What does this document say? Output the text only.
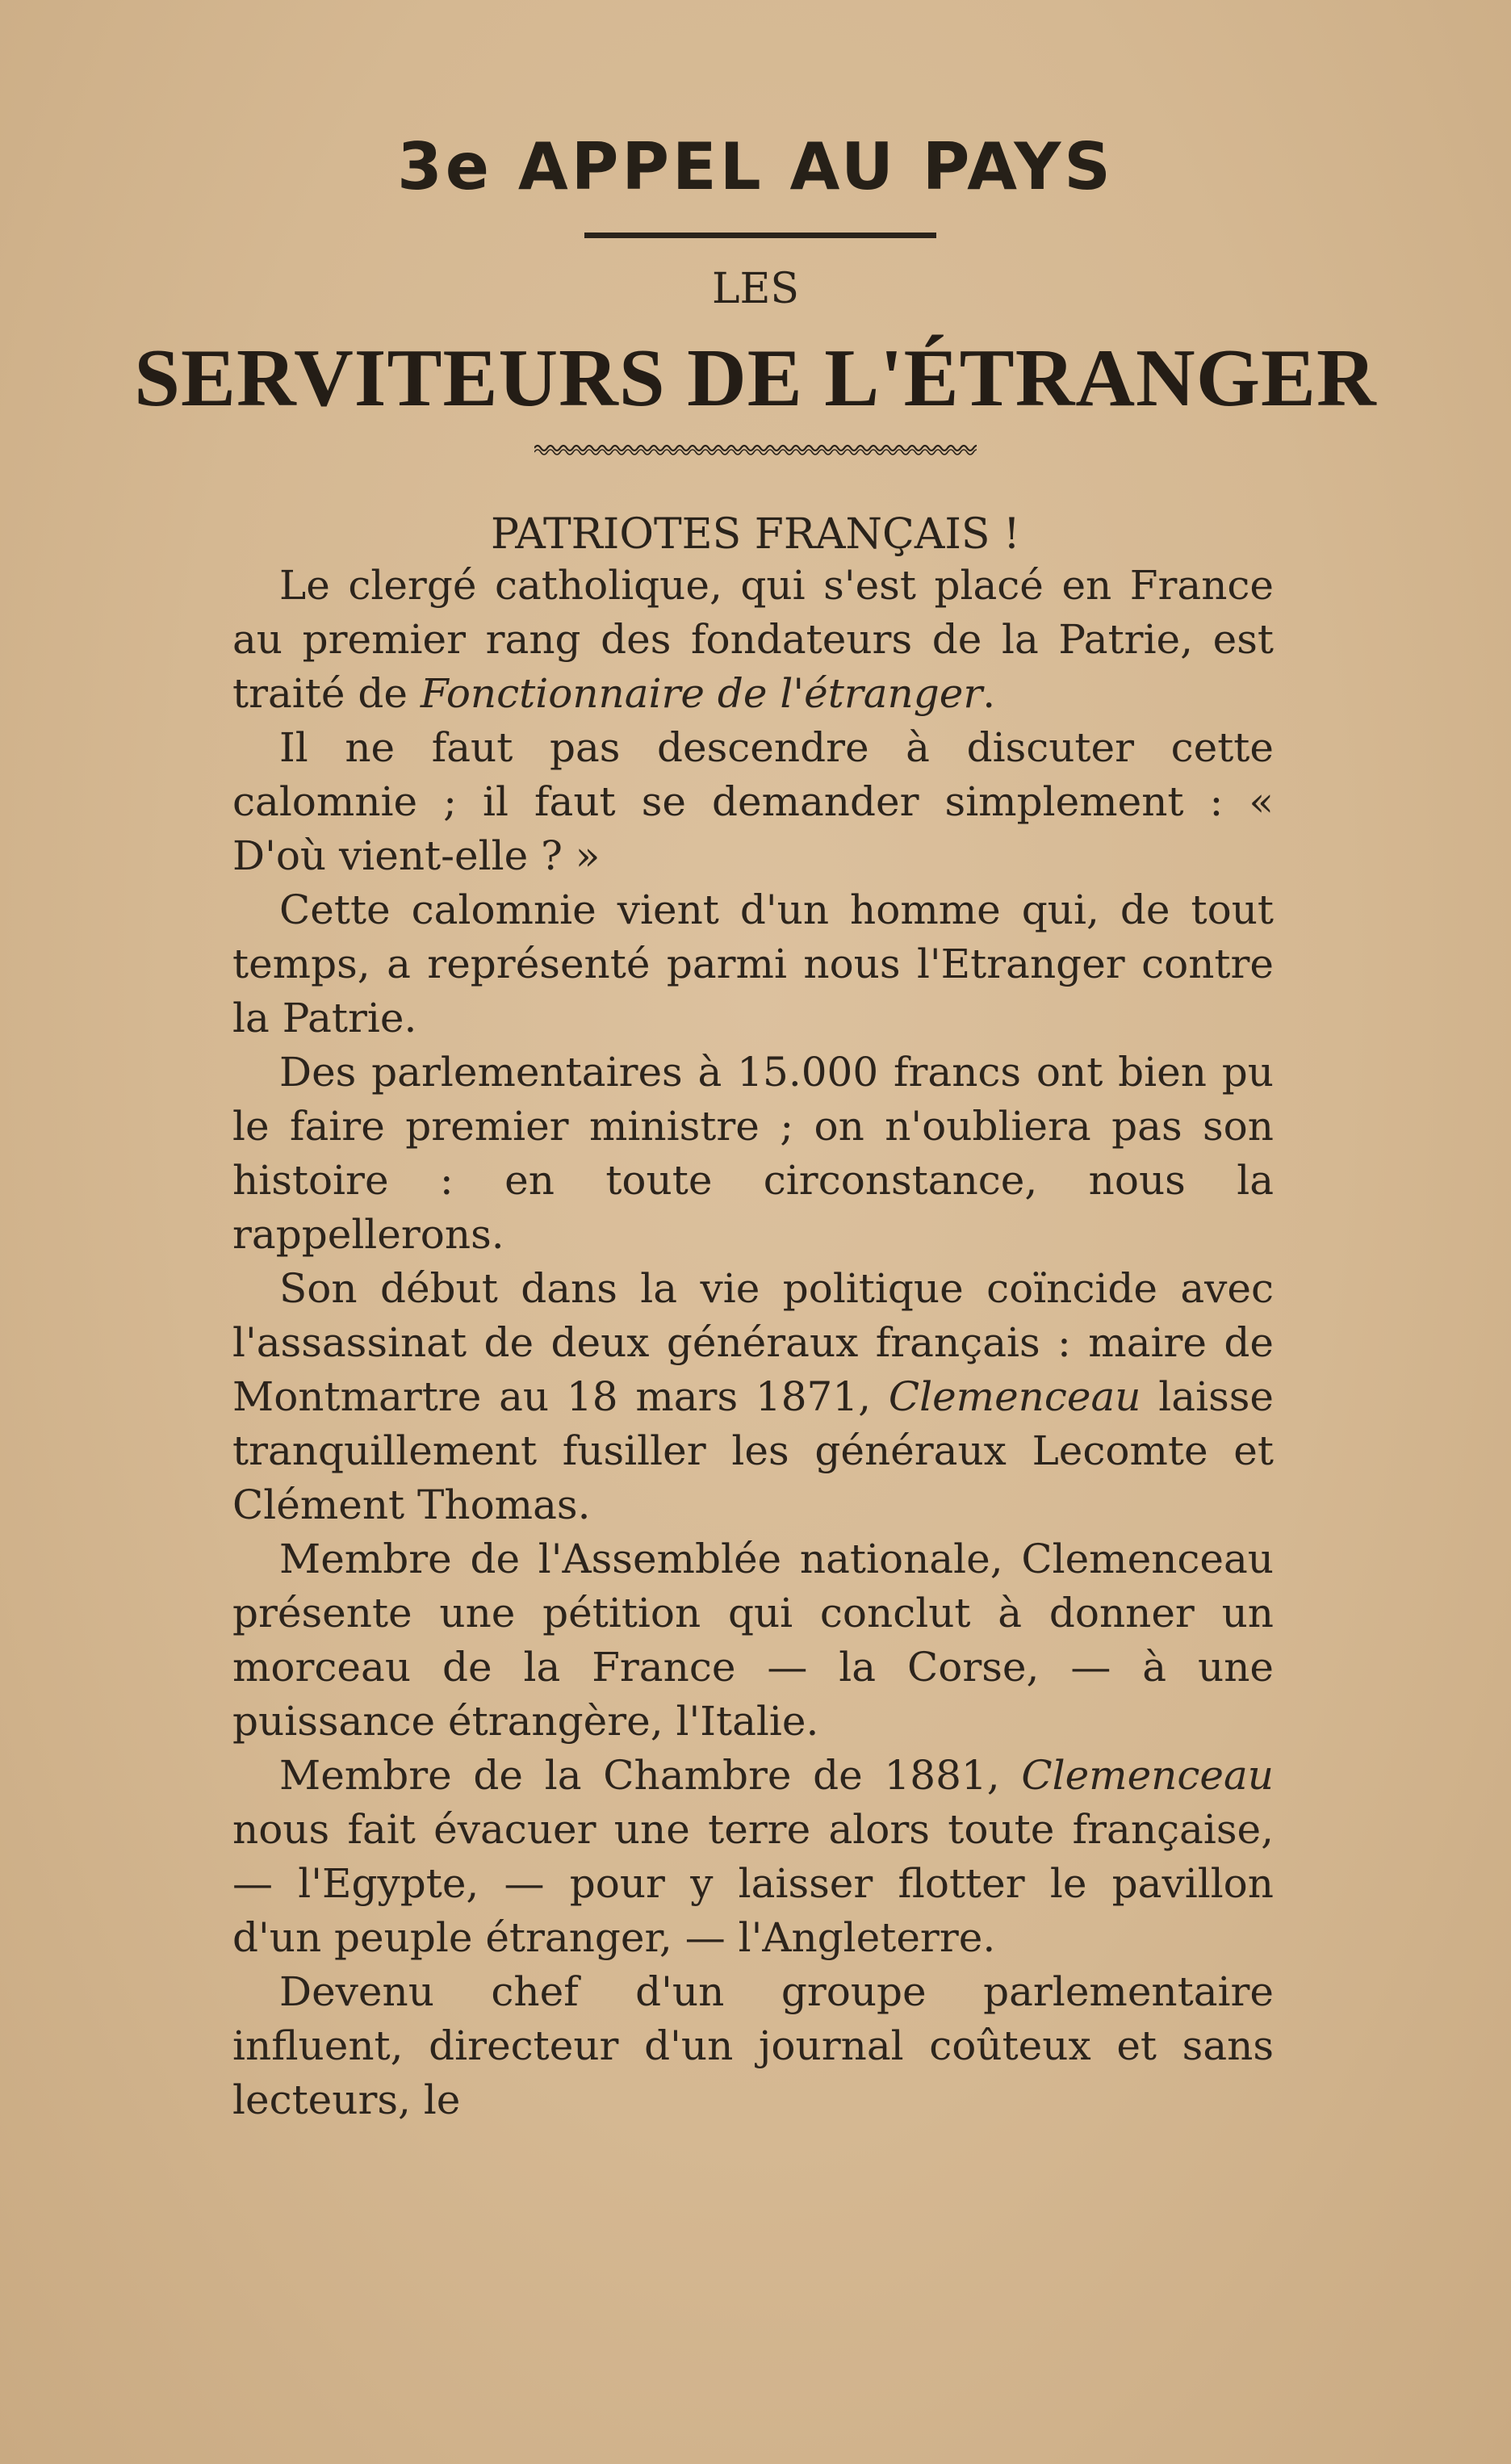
3e APPEL AU PAYS
LES
SERVITEURS DE L'ÉTRANGER
PATRIOTES FRANÇAIS !

Le clergé catholique, qui s'est placé en France au premier rang des fondateurs de la Patrie, est traité de Fonctionnaire de l'étranger.

Il ne faut pas descendre à discuter cette calomnie ; il faut se demander simplement : « D'où vient-elle ? »

Cette calomnie vient d'un homme qui, de tout temps, a représenté parmi nous l'Etranger contre la Patrie.

Des parlementaires à 15.000 francs ont bien pu le faire premier ministre ; on n'oubliera pas son histoire : en toute circonstance, nous la rappellerons.

Son début dans la vie politique coïncide avec l'assassinat de deux généraux français : maire de Montmartre au 18 mars 1871, Clemenceau laisse tranquillement fusiller les généraux Lecomte et Clément Thomas.

Membre de l'Assemblée nationale, Clemenceau présente une pétition qui conclut à donner un morceau de la France — la Corse, — à une puissance étrangère, l'Italie.

Membre de la Chambre de 1881, Clemenceau nous fait évacuer une terre alors toute française, — l'Egypte, — pour y laisser flotter le pavillon d'un peuple étranger, — l'Angleterre.

Devenu chef d'un groupe parlementaire influent, directeur d'un journal coûteux et sans lecteurs, le
